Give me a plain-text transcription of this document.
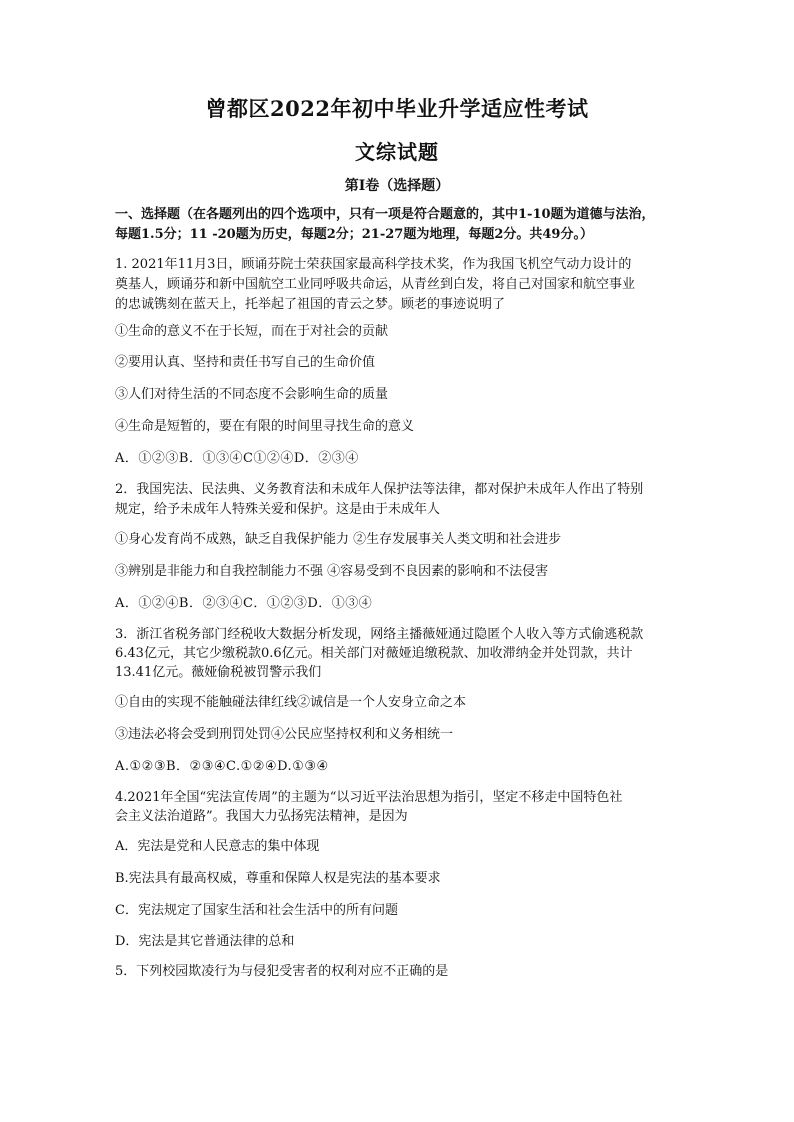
曾都区2022年初中毕业升学适应性考试
文综试题
第Ⅰ卷（选择题）
一、选择题（在各题列出的四个选项中，只有一项是符合题意的，其中1-10题为道德与法治，
每题1.5分；11 -20题为历史，每题2分；21-27题为地理，每题2分。共49分。）
1. 2021年11月3日，顾诵芬院士荣获国家最高科学技术奖，作为我国飞机空气动力设计的
奠基人，顾诵芬和新中国航空工业同呼吸共命运，从青丝到白发，将自己对国家和航空事业
的忠诚镌刻在蓝天上，托举起了祖国的青云之梦。顾老的事迹说明了
①生命的意义不在于长短，而在于对社会的贡献
②要用认真、坚持和责任书写自己的生命价值
③人们对待生活的不同态度不会影响生命的质量
④生命是短暂的，要在有限的时间里寻找生命的意义
A．①②③B．①③④C①②④D．②③④
2．我国宪法、民法典、义务教育法和未成年人保护法等法律，都对保护未成年人作出了特别
规定，给予未成年人特殊关爱和保护。这是由于未成年人
①身心发育尚不成熟，缺乏自我保护能力 ②生存发展事关人类文明和社会进步
③辨别是非能力和自我控制能力不强 ④容易受到不良因素的影响和不法侵害
A．①②④B．②③④C．①②③D．①③④
3．浙江省税务部门经税收大数据分析发现，网络主播薇娅通过隐匿个人收入等方式偷逃税款
6.43亿元，其它少缴税款0.6亿元。相关部门对薇娅追缴税款、加收滞纳金并处罚款，共计
13.41亿元。薇娅偷税被罚警示我们
①自由的实现不能触碰法律红线②诚信是一个人安身立命之本
③违法必将会受到刑罚处罚④公民应坚持权利和义务相统一
A.①②③B．②③④C.①②④D.①③④
4.2021年全国“宪法宣传周”的主题为“以习近平法治思想为指引，坚定不移走中国特色社
会主义法治道路”。我国大力弘扬宪法精神，是因为
A．宪法是党和人民意志的集中体现
B.宪法具有最高权威，尊重和保障人权是宪法的基本要求
C．宪法规定了国家生活和社会生活中的所有问题
D．宪法是其它普通法律的总和
5．下列校园欺凌行为与侵犯受害者的权利对应不正确的是
